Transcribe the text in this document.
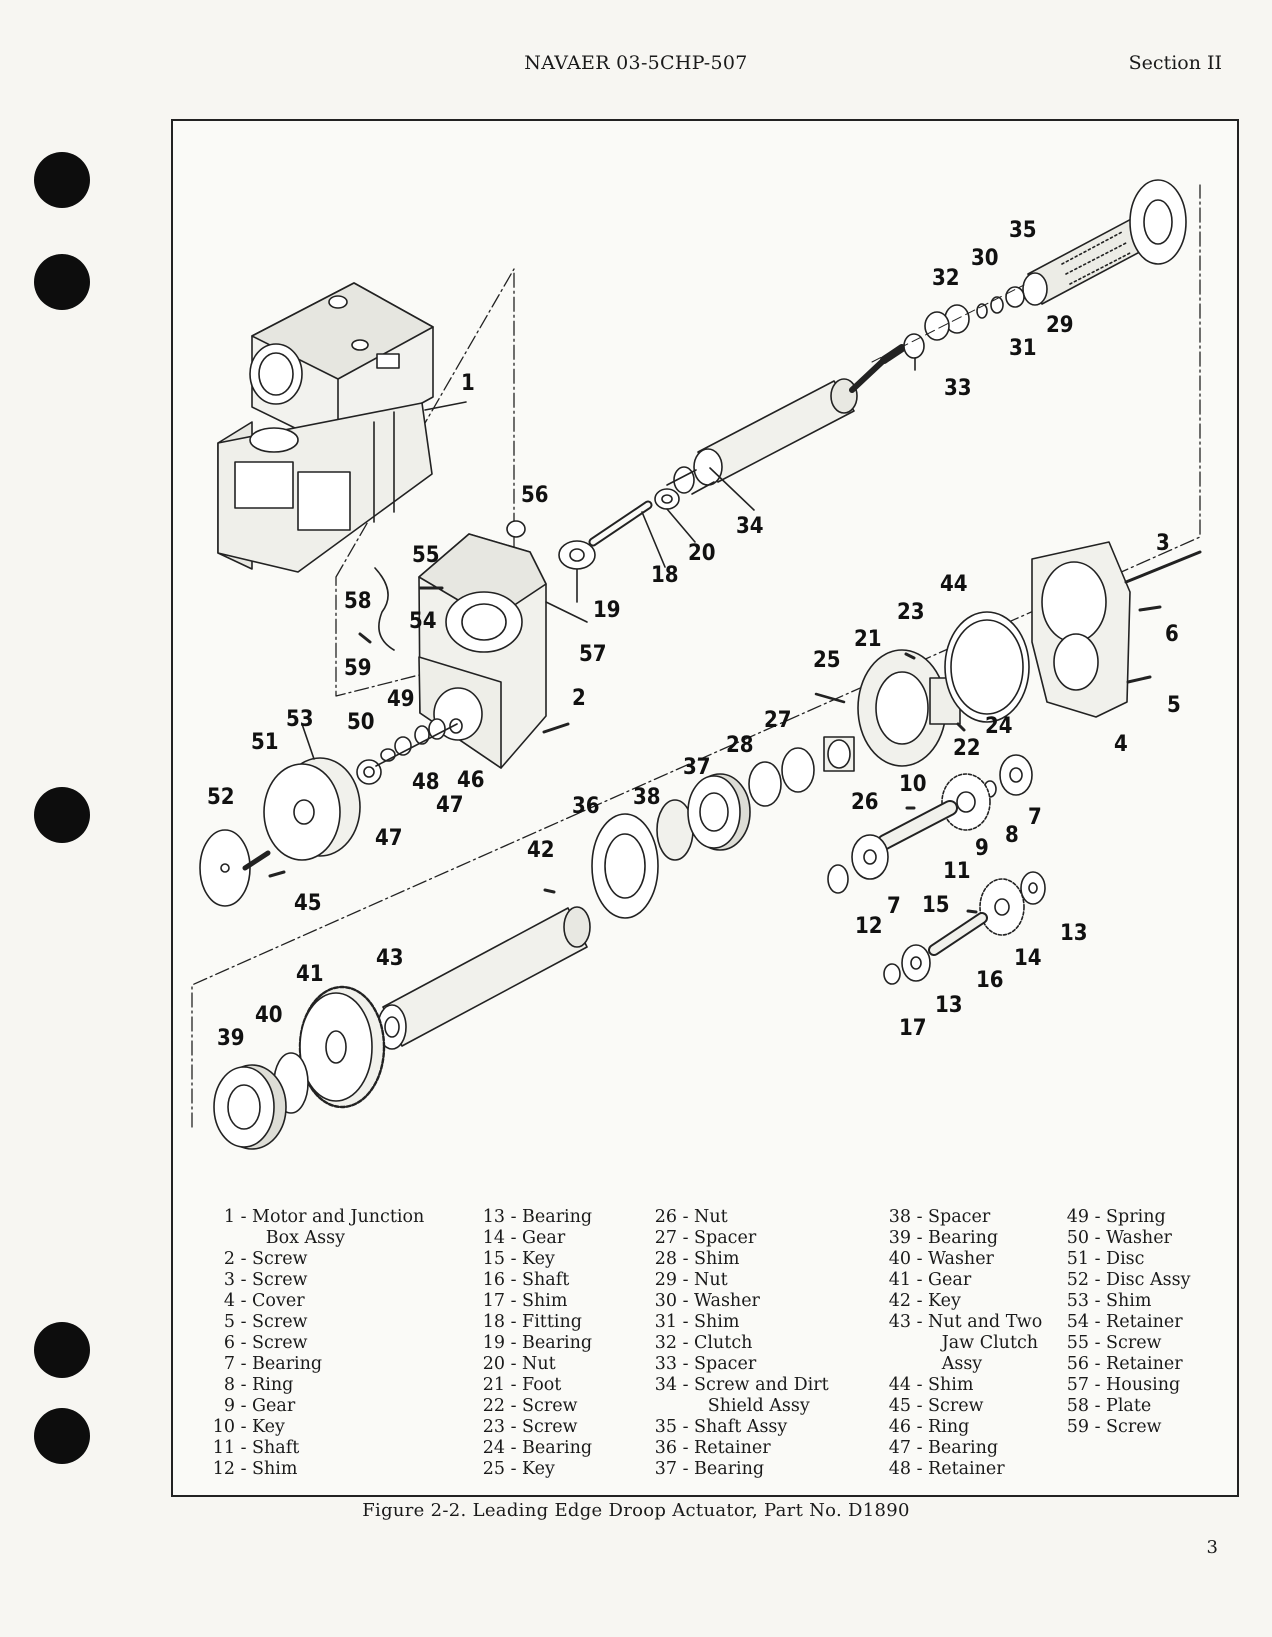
NAVAER 03-5CHP-507	Section II
1
2
3
4
5
6
7
7
8
9
10
11
12	13
13
14
15
16
17
18
19
20
21
22
23
24
25
26
27
28
29
30
31
32
33
34
35
36
37
38
39
40
41
42
43
44
45
46
47
47
48
49
50
51
52
53
54
55
56
57
58
59
1 - Motor and Junction
Box Assy
2 - Screw
3 - Screw
4 - Cover
5 - Screw
6 - Screw
7 - Bearing
8 - Ring
9 - Gear
10 - Key
11 - Shaft
12 - Shim
13 - Bearing
14 - Gear
15 - Key
16 - Shaft
17 - Shim
18 - Fitting
19 - Bearing
20 - Nut
21 - Foot
22 - Screw
23 - Screw
24 - Bearing
25 - Key
26 - Nut
27 - Spacer
28 - Shim
29 - Nut
30 - Washer
31 - Shim
32 - Clutch
33 - Spacer
34 - Screw and Dirt
Shield Assy
35 - Shaft Assy
36 - Retainer
37 - Bearing
38 - Spacer
39 - Bearing
40 - Washer
41 - Gear
42 - Key
43 - Nut and Two
Jaw Clutch
Assy
44 - Shim
45 - Screw
46 - Ring
47 - Bearing
48 - Retainer
49 - Spring
50 - Washer
51 - Disc
52 - Disc Assy
53 - Shim
54 - Retainer
55 - Screw
56 - Retainer
57 - Housing
58 - Plate
59 - Screw
Figure 2-2. Leading Edge Droop Actuator, Part No. D1890
3
